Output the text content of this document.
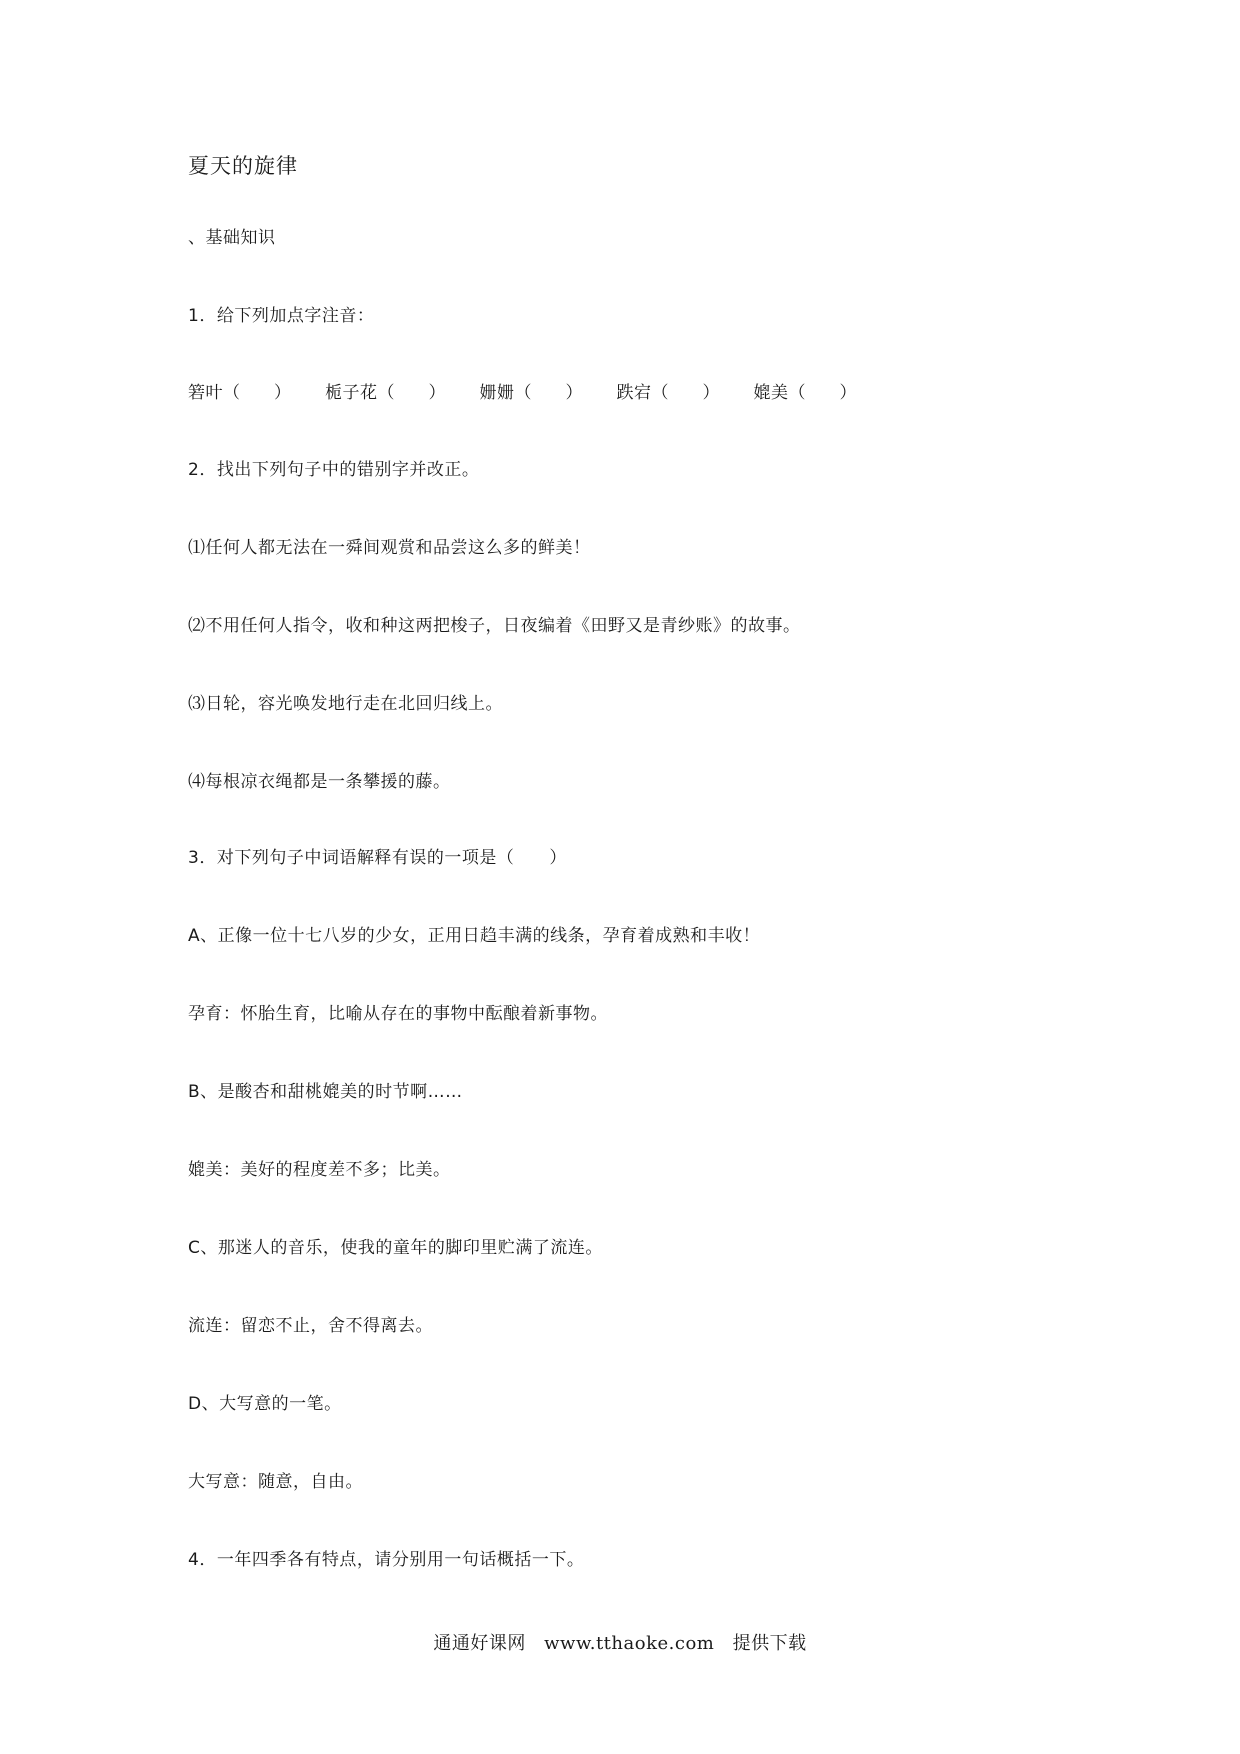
夏天的旋律
、基础知识
1．给下列加点字注音：
箬叶（　　） 栀子花（　　） 姗姗（　　） 跌宕（　　） 媲美（　　）
2．找出下列句子中的错别字并改正。
⑴任何人都无法在一舜间观赏和品尝这么多的鲜美！
⑵不用任何人指令，收和种这两把梭子，日夜编着《田野又是青纱账》的故事。
⑶日轮，容光唤发地行走在北回归线上。
⑷每根凉衣绳都是一条攀援的藤。
3．对下列句子中词语解释有误的一项是（　　）
A、正像一位十七八岁的少女，正用日趋丰满的线条，孕育着成熟和丰收！
孕育：怀胎生育，比喻从存在的事物中酝酿着新事物。
B、是酸杏和甜桃媲美的时节啊……
媲美：美好的程度差不多；比美。
C、那迷人的音乐，使我的童年的脚印里贮满了流连。
流连：留恋不止，舍不得离去。
D、大写意的一笔。
大写意：随意，自由。
4．一年四季各有特点，请分别用一句话概括一下。
通通好课网 www.tthaoke.com 提供下载
